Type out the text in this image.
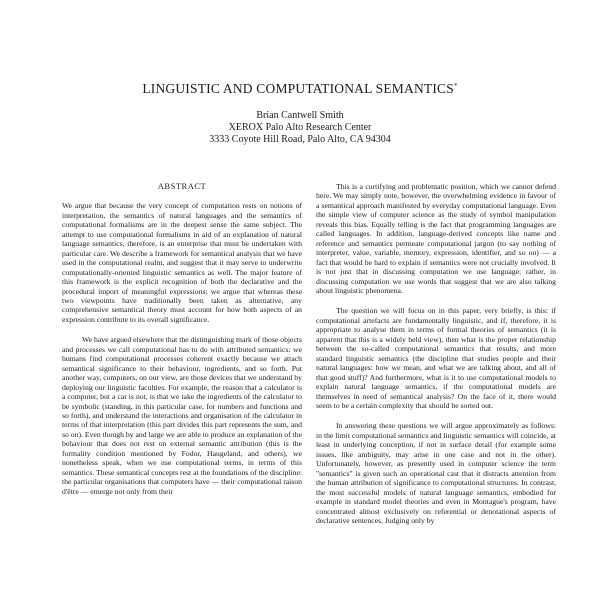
LINGUISTIC AND COMPUTATIONAL SEMANTICS*
Brian Cantwell Smith
XEROX Palo Alto Research Center
3333 Coyote Hill Road, Palo Alto, CA 94304
ABSTRACT

We argue that because the very concept of computation rests on notions of interpretation, the semantics of natural languages and the semantics of computational formalisms are in the deepest sense the same subject. The attempt to use computational formalisms in aid of an explanation of natural language semantics, therefore, is an enterprise that must be undertaken with particular care. We describe a framework for semantical analysis that we have used in the computational realm, and suggest that it may serve to underwrite computationally-oriented linguistic semantics as well. The major feature of this framework is the explicit recognition of both the declarative and the procedural import of meaningful expressions; we argue that whereas these two viewpoints have traditionally been taken as alternative, any comprehensive semantical theory must account for how both aspects of an expression contribute to its overall significance.

We have argued elsewhere that the distinguishing mark of those objects and processes we call computational has to do with attributed semantics: we humans find computational processes coherent exactly because we attach semantical significance to their behaviour, ingredients, and so forth. Put another way, computers, on our view, are those devices that we understand by deploying our linguistic faculties. For example, the reason that a calculator is a computer, but a car is not, is that we take the ingredients of the calculator to be symbolic (standing, in this particular case, for numbers and functions and so forth), and understand the interactions and organisation of the calculator in terms of that interpretation (this part divides this part represents the sum, and so on). Even though by and large we are able to produce an explanation of the behaviour that does not rest on external semantic attribution (this is the formality condition mentioned by Fodor, Haugeland, and others), we nonetheless speak, when we use computational terms, in terms of this semantics. These semantical concepts rest at the foundations of the discipline: the particular organisations that computers have — their computational raison d'être — emerge not only from their

This is a curtifying and problematic position, which we cannot defend here. We may simply note, however, the overwhelming evidence in favour of a semantical approach manifested by everyday computational language. Even the simple view of computer science as the study of symbol manipulation reveals this bias. Equally telling is the fact that programming languages are called languages. In addition, language-derived concepts like name and reference and semantics permeate computational jargon (to say nothing of interpreter, value, variable, memory, expression, identifier, and so on) — a fact that would be hard to explain if semantics were not crucially involved. It is not just that in discussing computation we use language; rather, in discussing computation we use words that suggest that we are also talking about linguistic phenomena.

The question we will focus on in this paper, very briefly, is this: if computational artefacts are fundamentally linguistic, and if, therefore, it is appropriate to analyse them in terms of formal theories of semantics (it is apparent that this is a widely held view), then what is the proper relationship between the so-called computational semantics that results, and more standard linguistic semantics (the discipline that studies people and their natural languages: how we mean, and what we are talking about, and all of that good stuff)? And furthermore, what is it to use computational models to explain natural language semantics, if the computational models are themselves in need of semantical analysis? On the face of it, there would seem to be a certain complexity that should be sorted out.

In answering these questions we will argue approximately as follows: in the limit computational semantics and linguistic semantics will coincide, at least in underlying conception, if not in surface detail (for example some issues, like ambiguity, may arise in one case and not in the other). Unfortunately, however, as presently used in computer science the term "semantics" is given such an operational cast that it distracts attention from the human attribution of significance to computational structures. In contrast, the most successful models of natural language semantics, embodied for example in standard model theories and even in Montague's program, have concentrated almost exclusively on referential or denotational aspects of declarative sentences. Judging only by
